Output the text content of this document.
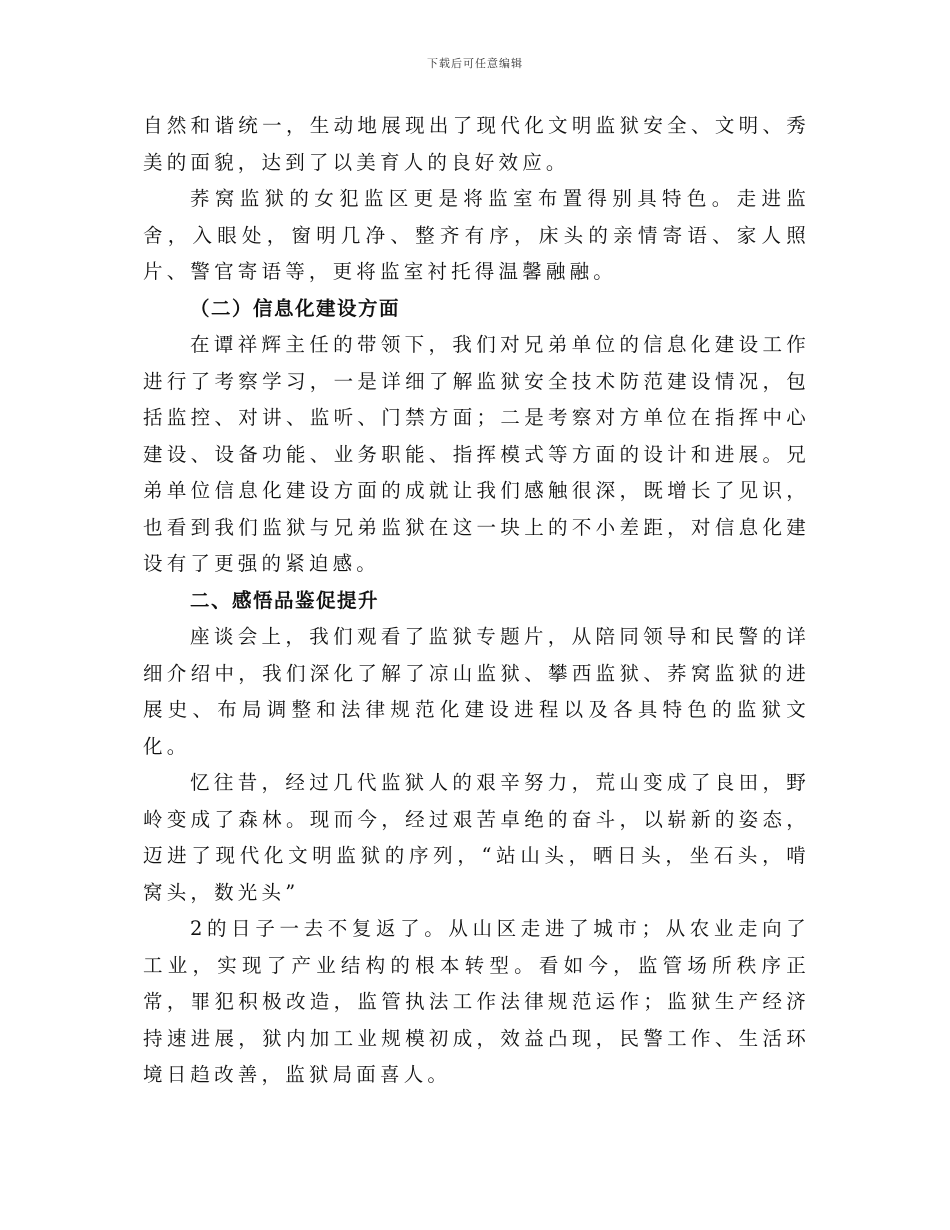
下载后可任意编辑

自然和谐统一，生动地展现出了现代化文明监狱安全、文明、秀美的面貌，达到了以美育人的良好效应。

荞窝监狱的女犯监区更是将监室布置得别具特色。走进监舍，入眼处，窗明几净、整齐有序，床头的亲情寄语、家人照片、警官寄语等，更将监室衬托得温馨融融。

（二）信息化建设方面

在谭祥辉主任的带领下，我们对兄弟单位的信息化建设工作进行了考察学习，一是详细了解监狱安全技术防范建设情况，包括监控、对讲、监听、门禁方面；二是考察对方单位在指挥中心建设、设备功能、业务职能、指挥模式等方面的设计和进展。兄弟单位信息化建设方面的成就让我们感触很深，既增长了见识，也看到我们监狱与兄弟监狱在这一块上的不小差距，对信息化建设有了更强的紧迫感。

二、感悟品鉴促提升

座谈会上，我们观看了监狱专题片，从陪同领导和民警的详细介绍中，我们深化了解了凉山监狱、攀西监狱、荞窝监狱的进展史、布局调整和法律规范化建设进程以及各具特色的监狱文化。

忆往昔，经过几代监狱人的艰辛努力，荒山变成了良田，野岭变成了森林。现而今，经过艰苦卓绝的奋斗，以崭新的姿态，迈进了现代化文明监狱的序列，“站山头，晒日头，坐石头，啃窝头，数光头”

2的日子一去不复返了。从山区走进了城市；从农业走向了工业，实现了产业结构的根本转型。看如今，监管场所秩序正常，罪犯积极改造，监管执法工作法律规范运作；监狱生产经济持速进展，狱内加工业规模初成，效益凸现，民警工作、生活环境日趋改善，监狱局面喜人。
